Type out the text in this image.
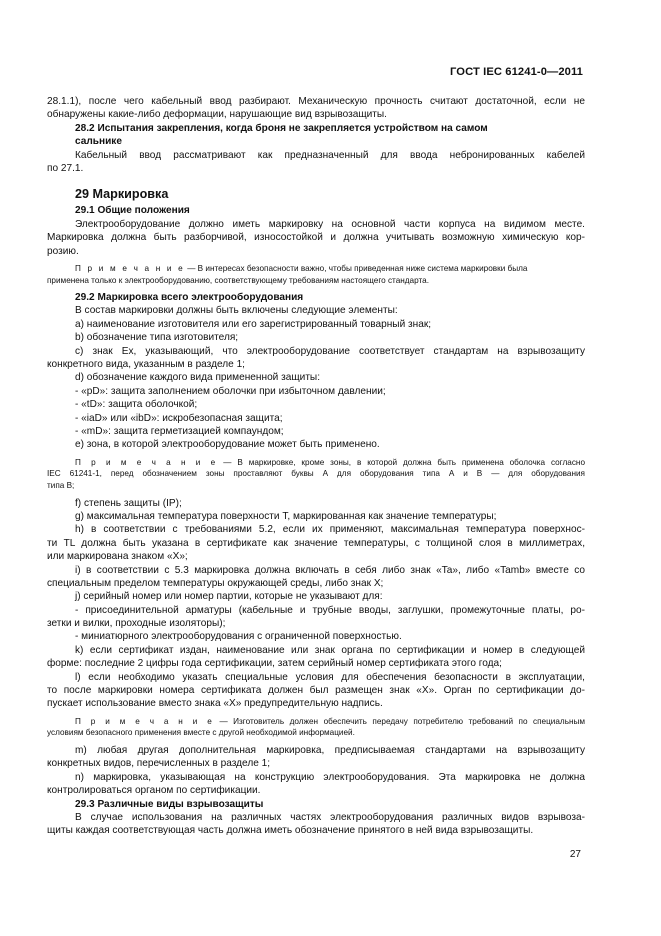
ГОСТ IEC 61241-0—2011
28.1.1), после чего кабельный ввод разбирают. Механическую прочность считают достаточной, если не
обнаружены какие-либо деформации, нарушающие вид взрывозащиты.
28.2 Испытания закрепления, когда броня не закрепляется устройством на самом
сальнике
Кабельный ввод рассматривают как предназначенный для ввода небронированных кабелей
по 27.1.
29 Маркировка
29.1 Общие положения
Электрооборудование должно иметь маркировку на основной части корпуса на видимом месте.
Маркировка должна быть разборчивой, износостойкой и должна учитывать возможную химическую кор-
розию.
П р и м е ч а н и е — В интересах безопасности важно, чтобы приведенная ниже система маркировки была
применена только к электрооборудованию, соответствующему требованиям настоящего стандарта.
29.2 Маркировка всего электрооборудования
В состав маркировки должны быть включены следующие элементы:
a) наименование изготовителя или его зарегистрированный товарный знак;
b) обозначение типа изготовителя;
c) знак Ex, указывающий, что электрооборудование соответствует стандартам на взрывозащиту
конкретного вида, указанным в разделе 1;
d) обозначение каждого вида примененной защиты:
- «pD»: защита заполнением оболочки при избыточном давлении;
- «tD»: защита оболочкой;
- «iaD» или «ibD»: искробезопасная защита;
- «mD»: защита герметизацией компаундом;
e) зона, в которой электрооборудование может быть применено.
П р и м е ч а н и е — В маркировке, кроме зоны, в которой должна быть применена оболочка согласно
IEC 61241-1, перед обозначением зоны проставляют буквы А для оборудования типа А и В — для оборудования
типа В;
f) степень защиты (IP);
g) максимальная температура поверхности T, маркированная как значение температуры;
h) в соответствии с требованиями 5.2, если их применяют, максимальная температура поверхнос-
ти TL должна быть указана в сертификате как значение температуры, с толщиной слоя в миллиметрах,
или маркирована знаком «X»;
i) в соответствии с 5.3 маркировка должна включать в себя либо знак «Ta», либо «Tamb» вместе со
специальным пределом температуры окружающей среды, либо знак X;
j) серийный номер или номер партии, которые не указывают для:
- присоединительной арматуры (кабельные и трубные вводы, заглушки, промежуточные платы, ро-
зетки и вилки, проходные изоляторы);
- миниатюрного электрооборудования с ограниченной поверхностью.
k) если сертификат издан, наименование или знак органа по сертификации и номер в следующей
форме: последние 2 цифры года сертификации, затем серийный номер сертификата этого года;
l) если необходимо указать специальные условия для обеспечения безопасности в эксплуатации,
то после маркировки номера сертификата должен был размещен знак «X». Орган по сертификации до-
пускает использование вместо знака «X» предупредительную надпись.
П р и м е ч а н и е — Изготовитель должен обеспечить передачу потребителю требований по специальным
условиям безопасного применения вместе с другой необходимой информацией.
m) любая другая дополнительная маркировка, предписываемая стандартами на взрывозащиту
конкретных видов, перечисленных в разделе 1;
n) маркировка, указывающая на конструкцию электрооборудования. Эта маркировка не должна
контролироваться органом по сертификации.
29.3 Различные виды взрывозащиты
В случае использования на различных частях электрооборудования различных видов взрывоза-
щиты каждая соответствующая часть должна иметь обозначение принятого в ней вида взрывозащиты.
27
